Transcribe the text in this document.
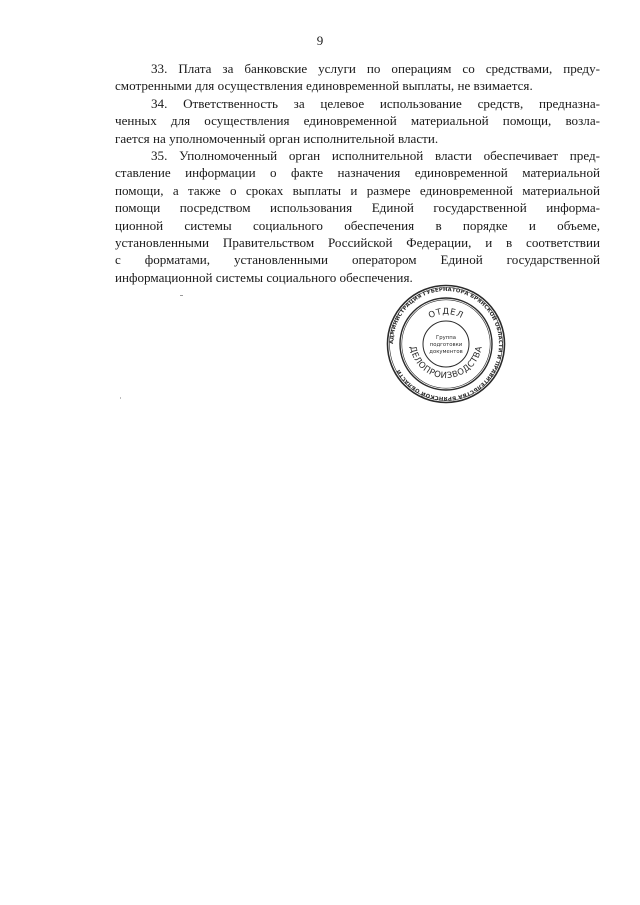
9

33. Плата за банковские услуги по операциям со средствами, преду-
смотренными для осуществления единовременной выплаты, не взимается.

34. Ответственность за целевое использование средств, предназна-
ченных для осуществления единовременной материальной помощи, возла-
гается на уполномоченный орган исполнительной власти.

35. Уполномоченный орган исполнительной власти обеспечивает пред-
ставление информации о факте назначения единовременной материальной
помощи, а также о сроках выплаты и размере единовременной материальной
помощи посредством использования Единой государственной информа-
ционной системы социального обеспечения в порядке и объеме,
установленными Правительством Российской Федерации, и в соответствии
с форматами, установленными оператором Единой государственной
информационной системы социального обеспечения.

АДМИНИСТРАЦИЯ ГУБЕРНАТОРА БРЯНСКОЙ ОБЛАСТИ И ПРАВИТЕЛЬСТВА БРЯНСКОЙ ОБЛАСТИ
ОТДЕЛ
ДЕЛОПРОИЗВОДСТВА
Группа
подготовки
документов
